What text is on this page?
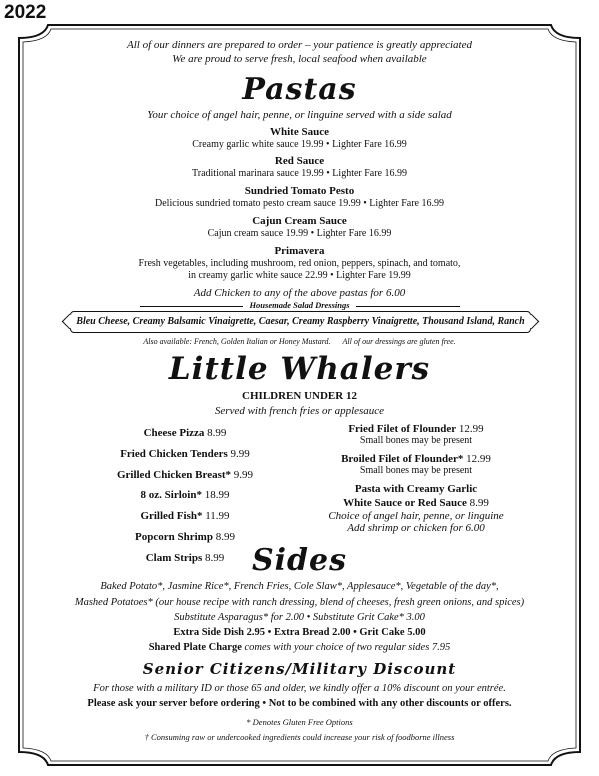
2022
All of our dinners are prepared to order – your patience is greatly appreciated
We are proud to serve fresh, local seafood when available
Pastas
Your choice of angel hair, penne, or linguine served with a side salad
White Sauce
Creamy garlic white sauce 19.99 • Lighter Fare 16.99
Red Sauce
Traditional marinara sauce 19.99 • Lighter Fare 16.99
Sundried Tomato Pesto
Delicious sundried tomato pesto cream sauce 19.99 • Lighter Fare 16.99
Cajun Cream Sauce
Cajun cream sauce 19.99 • Lighter Fare 16.99
Primavera
Fresh vegetables, including mushroom, red onion, peppers, spinach, and tomato,
in creamy garlic white sauce 22.99 • Lighter Fare 19.99
Add Chicken to any of the above pastas for 6.00
Housemade Salad Dressings
Bleu Cheese, Creamy Balsamic Vinaigrette, Caesar, Creamy Raspberry Vinaigrette, Thousand Island, Ranch
Also available: French, Golden Italian or Honey Mustard. All of our dressings are gluten free.
Little Whalers
CHILDREN UNDER 12
Served with french fries or applesauce
Cheese Pizza 8.99
Fried Chicken Tenders 9.99
Grilled Chicken Breast* 9.99
8 oz. Sirloin* 18.99
Grilled Fish* 11.99
Popcorn Shrimp 8.99
Clam Strips 8.99
Fried Filet of Flounder 12.99
Small bones may be present
Broiled Filet of Flounder* 12.99
Small bones may be present
Pasta with Creamy Garlic
White Sauce or Red Sauce 8.99
Choice of angel hair, penne, or linguine
Add shrimp or chicken for 6.00
Sides
Baked Potato*, Jasmine Rice*, French Fries, Cole Slaw*, Applesauce*, Vegetable of the day*,
Mashed Potatoes* (our house recipe with ranch dressing, blend of cheeses, fresh green onions, and spices)
Substitute Asparagus* for 2.00 • Substitute Grit Cake* 3.00
Extra Side Dish 2.95 • Extra Bread 2.00 • Grit Cake 5.00
Shared Plate Charge comes with your choice of two regular sides 7.95
Senior Citizens/Military Discount
For those with a military ID or those 65 and older, we kindly offer a 10% discount on your entrée.
Please ask your server before ordering • Not to be combined with any other discounts or offers.
* Denotes Gluten Free Options
† Consuming raw or undercooked ingredients could increase your risk of foodborne illness
